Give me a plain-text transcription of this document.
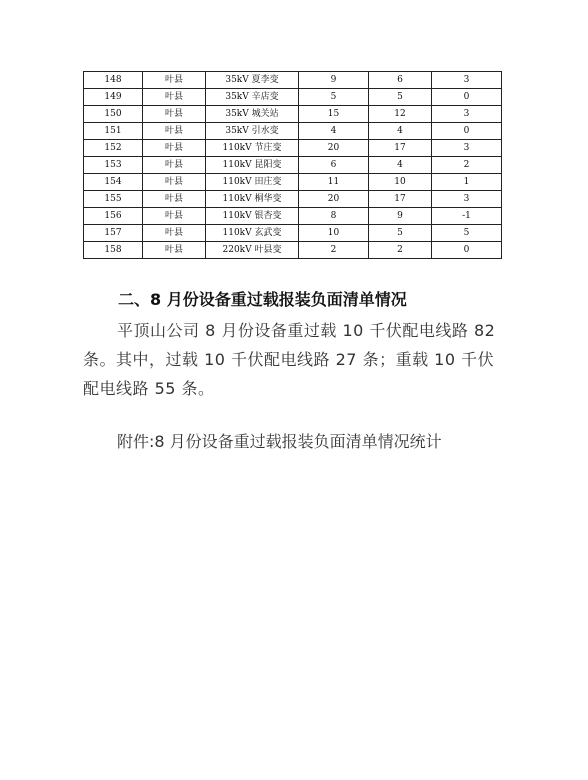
148	叶县	35kV 夏李变	9	6	3
149	叶县	35kV 辛店变	5	5	0
150	叶县	35kV 城关站	15	12	3
151	叶县	35kV 引水变	4	4	0
152	叶县	110kV 节庄变	20	17	3
153	叶县	110kV 昆阳变	6	4	2
154	叶县	110kV 田庄变	11	10	1
155	叶县	110kV 桐华变	20	17	3
156	叶县	110kV 银杏变	8	9	-1
157	叶县	110kV 玄武变	10	5	5
158	叶县	220kV 叶县变	2	2	0
二、8 月份设备重过载报装负面清单情况

平顶山公司 8 月份设备重过载 10 千伏配电线路 82 条。其中，过载 10 千伏配电线路 27 条；重载 10 千伏配电线路 55 条。

附件:8 月份设备重过载报装负面清单情况统计
